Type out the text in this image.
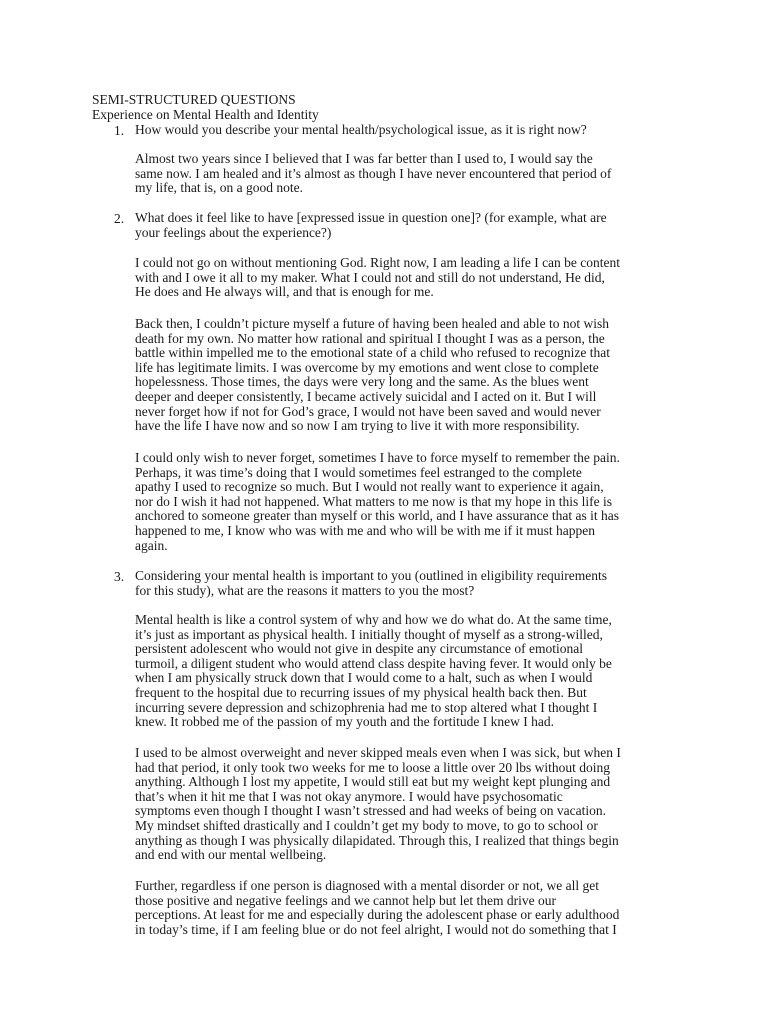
SEMI-STRUCTURED QUESTIONS
Experience on Mental Health and Identity
1. How would you describe your mental health/psychological issue, as it is right now?
Almost two years since I believed that I was far better than I used to, I would say the
same now. I am healed and it’s almost as though I have never encountered that period of
my life, that is, on a good note.
2. What does it feel like to have [expressed issue in question one]? (for example, what are
your feelings about the experience?)
I could not go on without mentioning God. Right now, I am leading a life I can be content
with and I owe it all to my maker. What I could not and still do not understand, He did,
He does and He always will, and that is enough for me.
Back then, I couldn’t picture myself a future of having been healed and able to not wish
death for my own. No matter how rational and spiritual I thought I was as a person, the
battle within impelled me to the emotional state of a child who refused to recognize that
life has legitimate limits. I was overcome by my emotions and went close to complete
hopelessness. Those times, the days were very long and the same. As the blues went
deeper and deeper consistently, I became actively suicidal and I acted on it. But I will
never forget how if not for God’s grace, I would not have been saved and would never
have the life I have now and so now I am trying to live it with more responsibility.
I could only wish to never forget, sometimes I have to force myself to remember the pain.
Perhaps, it was time’s doing that I would sometimes feel estranged to the complete
apathy I used to recognize so much. But I would not really want to experience it again,
nor do I wish it had not happened. What matters to me now is that my hope in this life is
anchored to someone greater than myself or this world, and I have assurance that as it has
happened to me, I know who was with me and who will be with me if it must happen
again.
3. Considering your mental health is important to you (outlined in eligibility requirements
for this study), what are the reasons it matters to you the most?
Mental health is like a control system of why and how we do what do. At the same time,
it’s just as important as physical health. I initially thought of myself as a strong-willed,
persistent adolescent who would not give in despite any circumstance of emotional
turmoil, a diligent student who would attend class despite having fever. It would only be
when I am physically struck down that I would come to a halt, such as when I would
frequent to the hospital due to recurring issues of my physical health back then. But
incurring severe depression and schizophrenia had me to stop altered what I thought I
knew. It robbed me of the passion of my youth and the fortitude I knew I had.
I used to be almost overweight and never skipped meals even when I was sick, but when I
had that period, it only took two weeks for me to loose a little over 20 lbs without doing
anything. Although I lost my appetite, I would still eat but my weight kept plunging and
that’s when it hit me that I was not okay anymore. I would have psychosomatic
symptoms even though I thought I wasn’t stressed and had weeks of being on vacation.
My mindset shifted drastically and I couldn’t get my body to move, to go to school or
anything as though I was physically dilapidated. Through this, I realized that things begin
and end with our mental wellbeing.
Further, regardless if one person is diagnosed with a mental disorder or not, we all get
those positive and negative feelings and we cannot help but let them drive our
perceptions. At least for me and especially during the adolescent phase or early adulthood
in today’s time, if I am feeling blue or do not feel alright, I would not do something that I
